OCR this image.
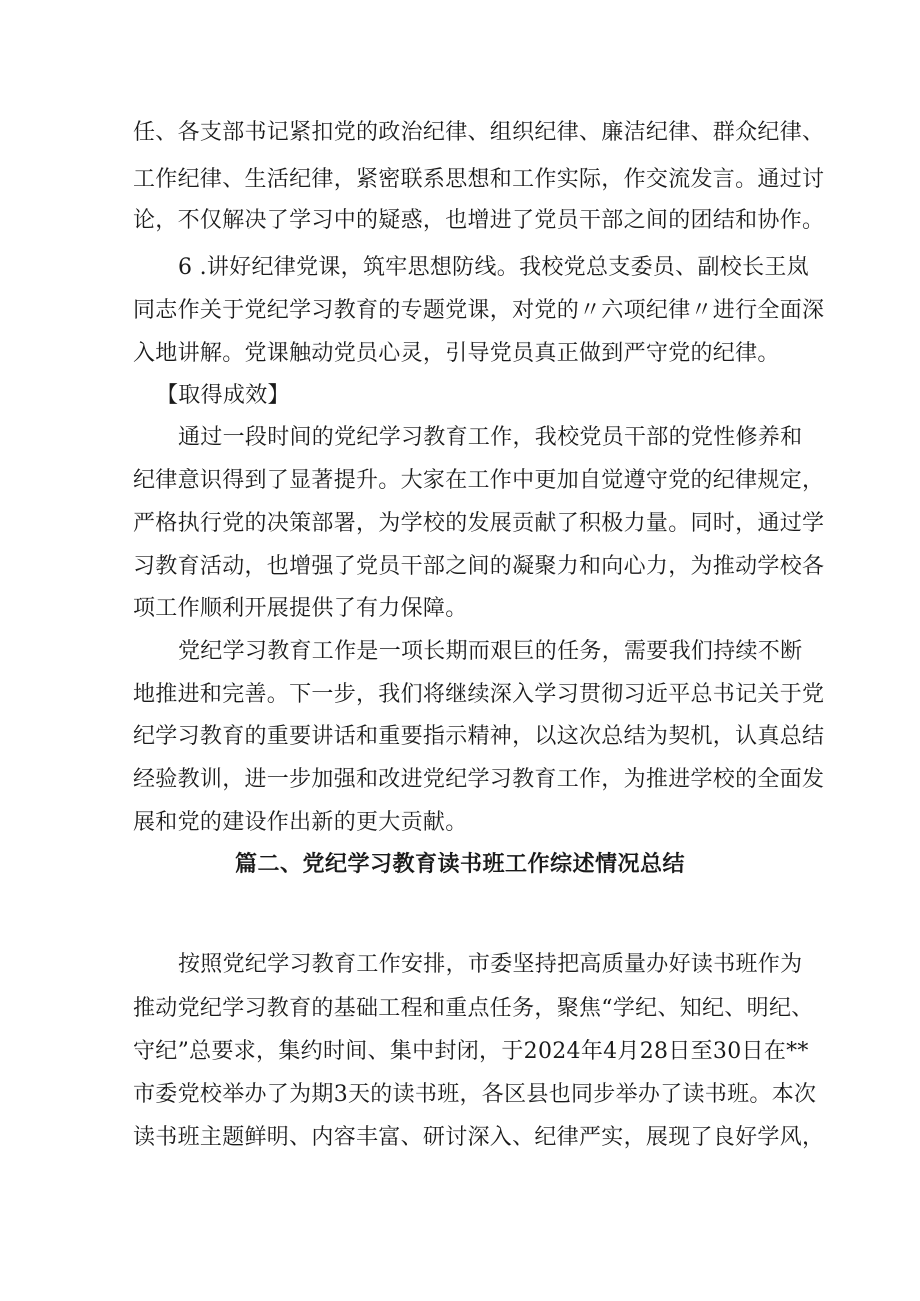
任、各支部书记紧扣党的政治纪律、组织纪律、廉洁纪律、群众纪律、
工作纪律、生活纪律，紧密联系思想和工作实际，作交流发言。通过讨
论，不仅解决了学习中的疑惑，也增进了党员干部之间的团结和协作。
6 .讲好纪律党课，筑牢思想防线。我校党总支委员、副校长王岚
同志作关于党纪学习教育的专题党课，对党的〃六项纪律〃进行全面深
入地讲解。党课触动党员心灵，引导党员真正做到严守党的纪律。
【取得成效】
通过一段时间的党纪学习教育工作，我校党员干部的党性修养和
纪律意识得到了显著提升。大家在工作中更加自觉遵守党的纪律规定，
严格执行党的决策部署，为学校的发展贡献了积极力量。同时，通过学
习教育活动，也增强了党员干部之间的凝聚力和向心力，为推动学校各
项工作顺利开展提供了有力保障。
党纪学习教育工作是一项长期而艰巨的任务，需要我们持续不断
地推进和完善。下一步，我们将继续深入学习贯彻习近平总书记关于党
纪学习教育的重要讲话和重要指示精神，以这次总结为契机，认真总结
经验教训，进一步加强和改进党纪学习教育工作，为推进学校的全面发
展和党的建设作出新的更大贡献。
篇二、党纪学习教育读书班工作综述情况总结
按照党纪学习教育工作安排，市委坚持把高质量办好读书班作为
推动党纪学习教育的基础工程和重点任务，聚焦“学纪、知纪、明纪、
守纪”总要求，集约时间、集中封闭，于2024年4月28日至30日在**
市委党校举办了为期3天的读书班，各区县也同步举办了读书班。本次
读书班主题鲜明、内容丰富、研讨深入、纪律严实，展现了良好学风，
